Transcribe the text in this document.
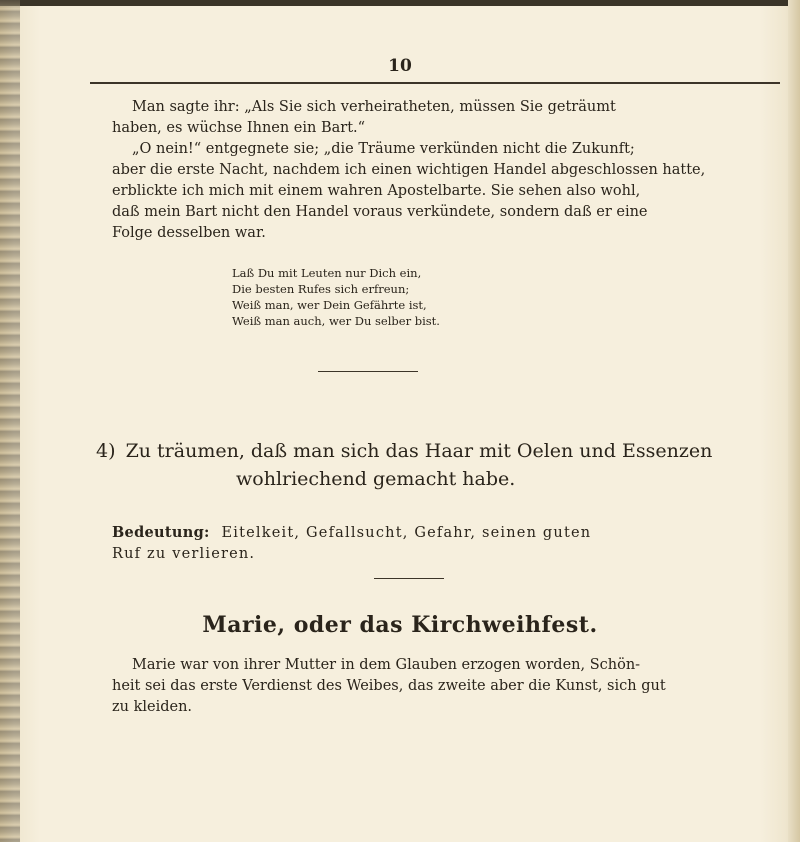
10

Man sagte ihr: „Als Sie sich verheiratheten, müssen Sie geträumt

haben, es wüchse Ihnen ein Bart.“

„O nein!“ entgegnete sie; „die Träume verkünden nicht die Zukunft;

aber die erste Nacht, nachdem ich einen wichtigen Handel abgeschlossen hatte,

erblickte ich mich mit einem wahren Apostelbarte. Sie sehen also wohl,

daß mein Bart nicht den Handel voraus verkündete, sondern daß er eine

Folge desselben war.

Laß Du mit Leuten nur Dich ein,
Die besten Rufes sich erfreun;
Weiß man, wer Dein Gefährte ist,
Weiß man auch, wer Du selber bist.
4) Zu träumen, daß man sich das Haar mit Oelen und Essenzen
wohlriechend gemacht habe.
Bedeutung: Eitelkeit, Gefallsucht, Gefahr, seinen guten
Ruf zu verlieren.
Marie, oder das Kirchweihfest.

Marie war von ihrer Mutter in dem Glauben erzogen worden, Schön-

heit sei das erste Verdienst des Weibes, das zweite aber die Kunst, sich gut

zu kleiden.
